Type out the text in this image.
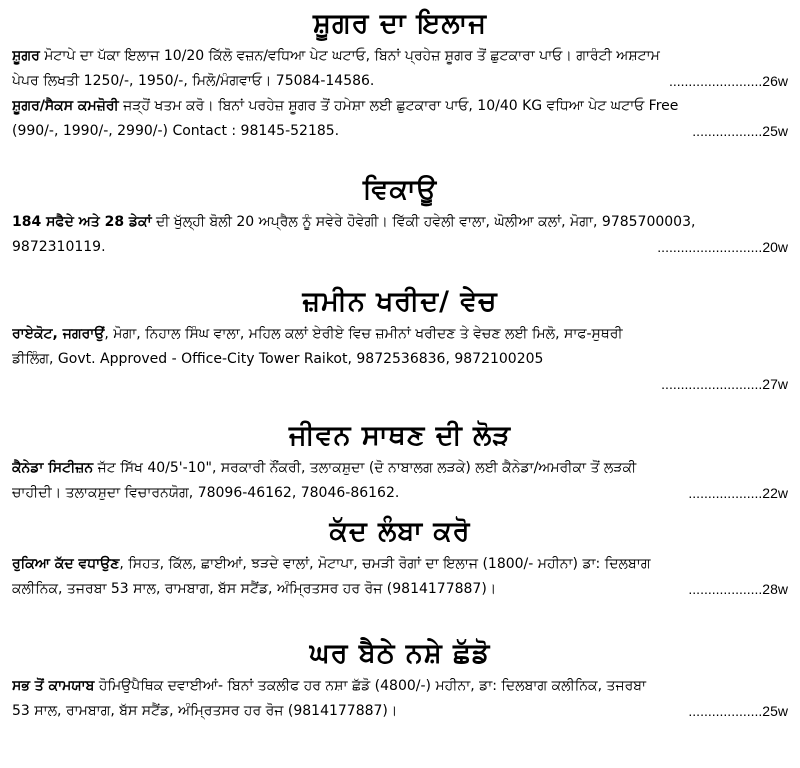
ਸ਼ੂਗਰ ਦਾ ਇਲਾਜ
ਸ਼ੂਗਰ ਮੋਟਾਪੇ ਦਾ ਪੱਕਾ ਇਲਾਜ 10/20 ਕਿੱਲੋ ਵਜ਼ਨ/ਵਧਿਆ ਪੇਟ ਘਟਾਓ, ਬਿਨਾਂ ਪ੍ਰਹੇਜ਼ ਸ਼ੂਗਰ ਤੋਂ ਛੁਟਕਾਰਾ ਪਾਓ। ਗਾਰੰਟੀ ਅਸ਼ਟਾਮ
ਪੇਪਰ ਲਿਖਤੀ 1250/-, 1950/-, ਮਿਲੋ/ਮੰਗਵਾਓ। 75084-14586.	........................26w
ਸ਼ੂਗਰ/ਸੈਕਸ ਕਮਜ਼ੋਰੀ ਜੜ੍ਹੋਂ ਖਤਮ ਕਰੋ। ਬਿਨਾਂ ਪਰਹੇਜ਼ ਸ਼ੂਗਰ ਤੋਂ ਹਮੇਸ਼ਾ ਲਈ ਛੁਟਕਾਰਾ ਪਾਓ, 10/40 KG ਵਧਿਆ ਪੇਟ ਘਟਾਓ Free
(990/-, 1990/-, 2990/-) Contact : 98145-52185.	..................25w
ਵਿਕਾਊ
184 ਸਫੈਦੇ ਅਤੇ 28 ਡੇਕਾਂ ਦੀ ਖੁੱਲ੍ਹੀ ਬੋਲੀ 20 ਅਪ੍ਰੈਲ ਨੂੰ ਸਵੇਰੇ ਹੋਵੇਗੀ। ਵਿੱਕੀ ਹਵੇਲੀ ਵਾਲਾ, ਘੋਲੀਆ ਕਲਾਂ, ਮੋਗਾ, 9785700003,
9872310119.	...........................20w
ਜ਼ਮੀਨ ਖਰੀਦ/ ਵੇਚ
ਰਾਏਕੋਟ, ਜਗਰਾਉਂ, ਮੋਗਾ, ਨਿਹਾਲ ਸਿੰਘ ਵਾਲਾ, ਮਹਿਲ ਕਲਾਂ ਏਰੀਏ ਵਿਚ ਜ਼ਮੀਨਾਂ ਖਰੀਦਣ ਤੇ ਵੇਚਣ ਲਈ ਮਿਲੋ, ਸਾਫ-ਸੁਥਰੀ
ਡੀਲਿੰਗ, Govt. Approved - Office-City Tower Raikot, 9872536836, 9872100205
..........................27w
ਜੀਵਨ ਸਾਥਣ ਦੀ ਲੋੜ
ਕੈਨੇਡਾ ਸਿਟੀਜ਼ਨ ਜੱਟ ਸਿੱਖ 40/5'-10", ਸਰਕਾਰੀ ਨੌਂਕਰੀ, ਤਲਾਕਸ਼ੁਦਾ (ਦੋ ਨਾਬਾਲਗ ਲੜਕੇ) ਲਈ ਕੈਨੇਡਾ/ਅਮਰੀਕਾ ਤੋਂ ਲੜਕੀ
ਚਾਹੀਦੀ। ਤਲਾਕਸ਼ੁਦਾ ਵਿਚਾਰਨਯੋਗ, 78096-46162, 78046-86162.	...................22w
ਕੱਦ ਲੰਬਾ ਕਰੋ
ਰੁਕਿਆ ਕੱਦ ਵਧਾਉਣ, ਸਿਹਤ, ਕਿੱਲ, ਛਾਈਆਂ, ਝੜਦੇ ਵਾਲਾਂ, ਮੋਟਾਪਾ, ਚਮੜੀ ਰੋਗਾਂ ਦਾ ਇਲਾਜ (1800/- ਮਹੀਨਾ) ਡਾ: ਦਿਲਬਾਗ
ਕਲੀਨਿਕ, ਤਜਰਬਾ 53 ਸਾਲ, ਰਾਮਬਾਗ, ਬੱਸ ਸਟੈਂਡ, ਅੰਮ੍ਰਿਤਸਰ ਹਰ ਰੋਜ (9814177887)।	...................28w
ਘਰ ਬੈਠੇ ਨਸ਼ੇ ਛੱਡੋ
ਸਭ ਤੋਂ ਕਾਮਯਾਬ ਹੋਮਿਉਪੈਥਿਕ ਦਵਾਈਆਂ- ਬਿਨਾਂ ਤਕਲੀਫ ਹਰ ਨਸ਼ਾ ਛੱਡੋ (4800/-) ਮਹੀਨਾ, ਡਾ: ਦਿਲਬਾਗ ਕਲੀਨਿਕ, ਤਜਰਬਾ
53 ਸਾਲ, ਰਾਮਬਾਗ, ਬੱਸ ਸਟੈਂਡ, ਅੰਮ੍ਰਿਤਸਰ ਹਰ ਰੋਜ (9814177887)।	...................25w
